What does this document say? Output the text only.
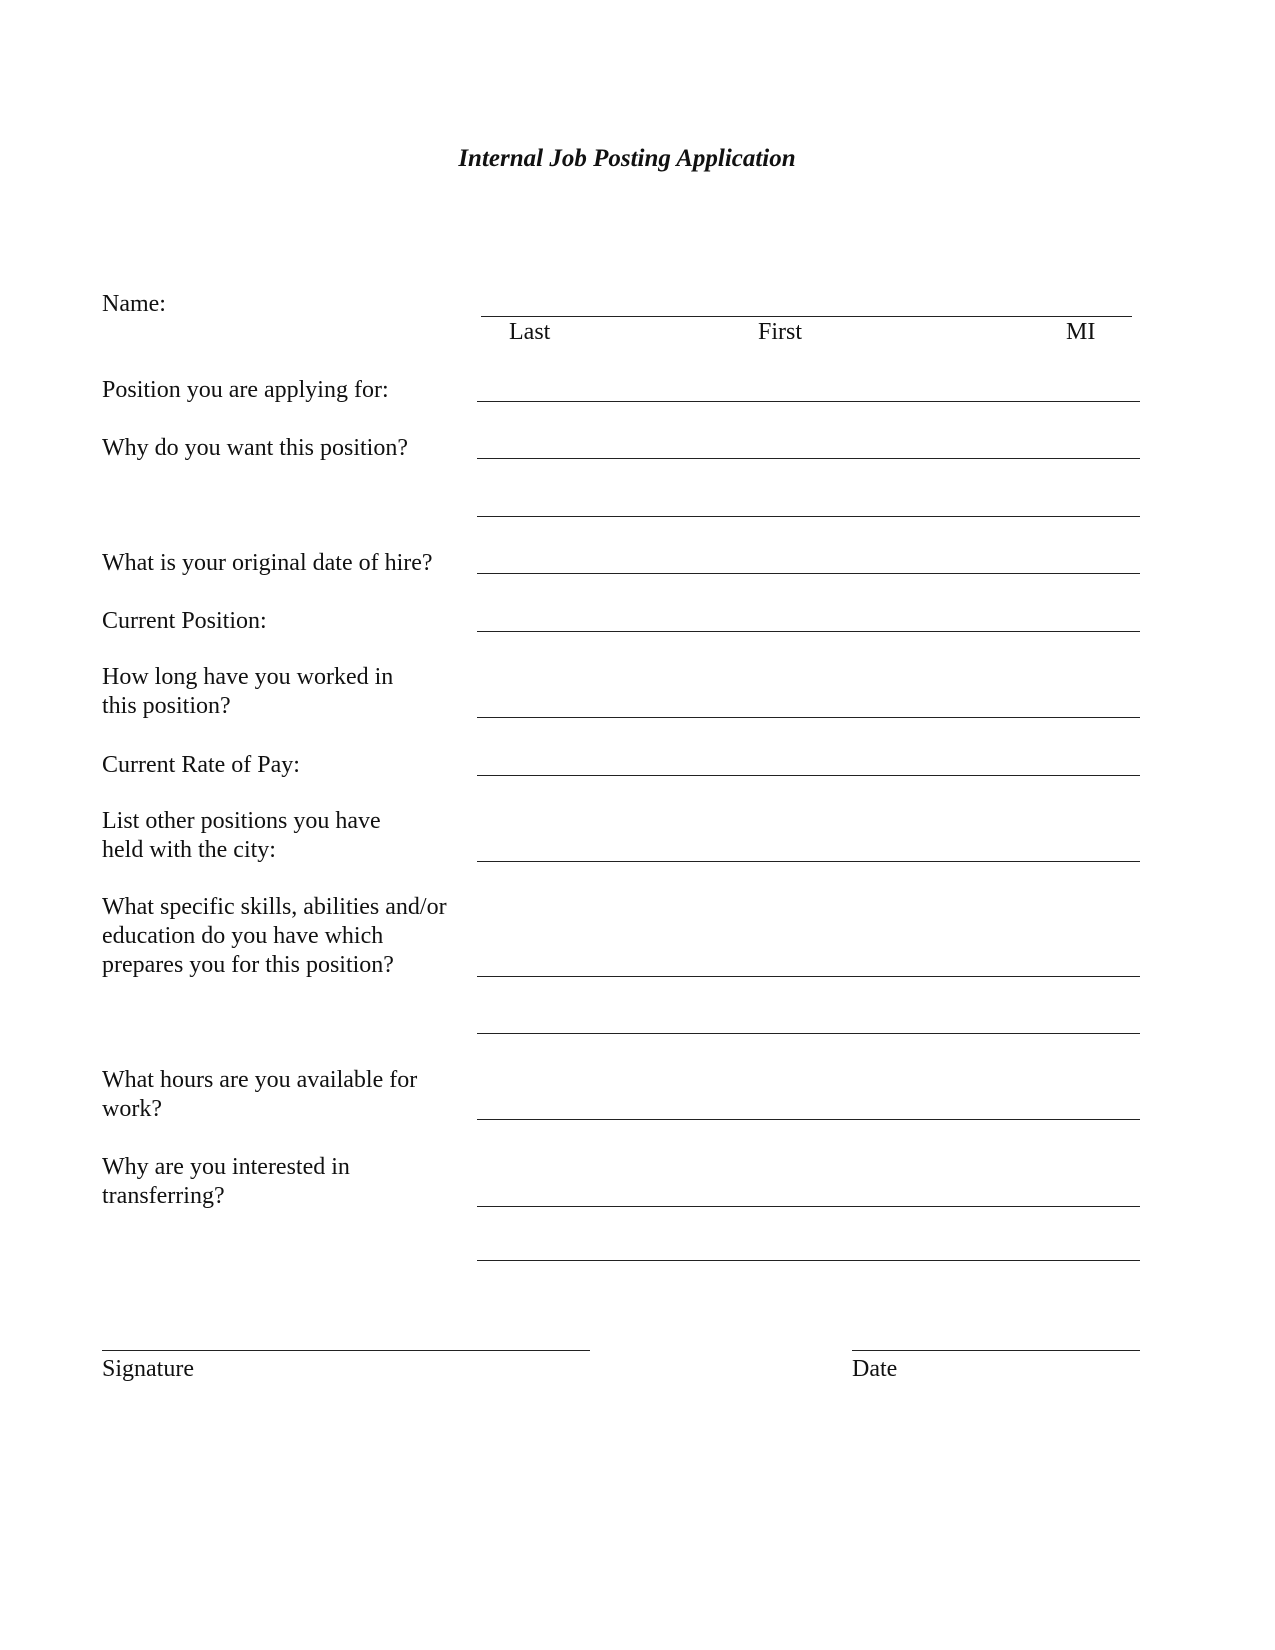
Internal Job Posting Application
Name:
Last	First	MI
Position you are applying for:
Why do you want this position?
What is your original date of hire?
Current Position:
How long have you worked in
this position?
Current Rate of Pay:
List other positions you have
held with the city:
What specific skills, abilities and/or
education do you have which
prepares you for this position?
What hours are you available for
work?
Why are you interested in
transferring?
Signature	Date
